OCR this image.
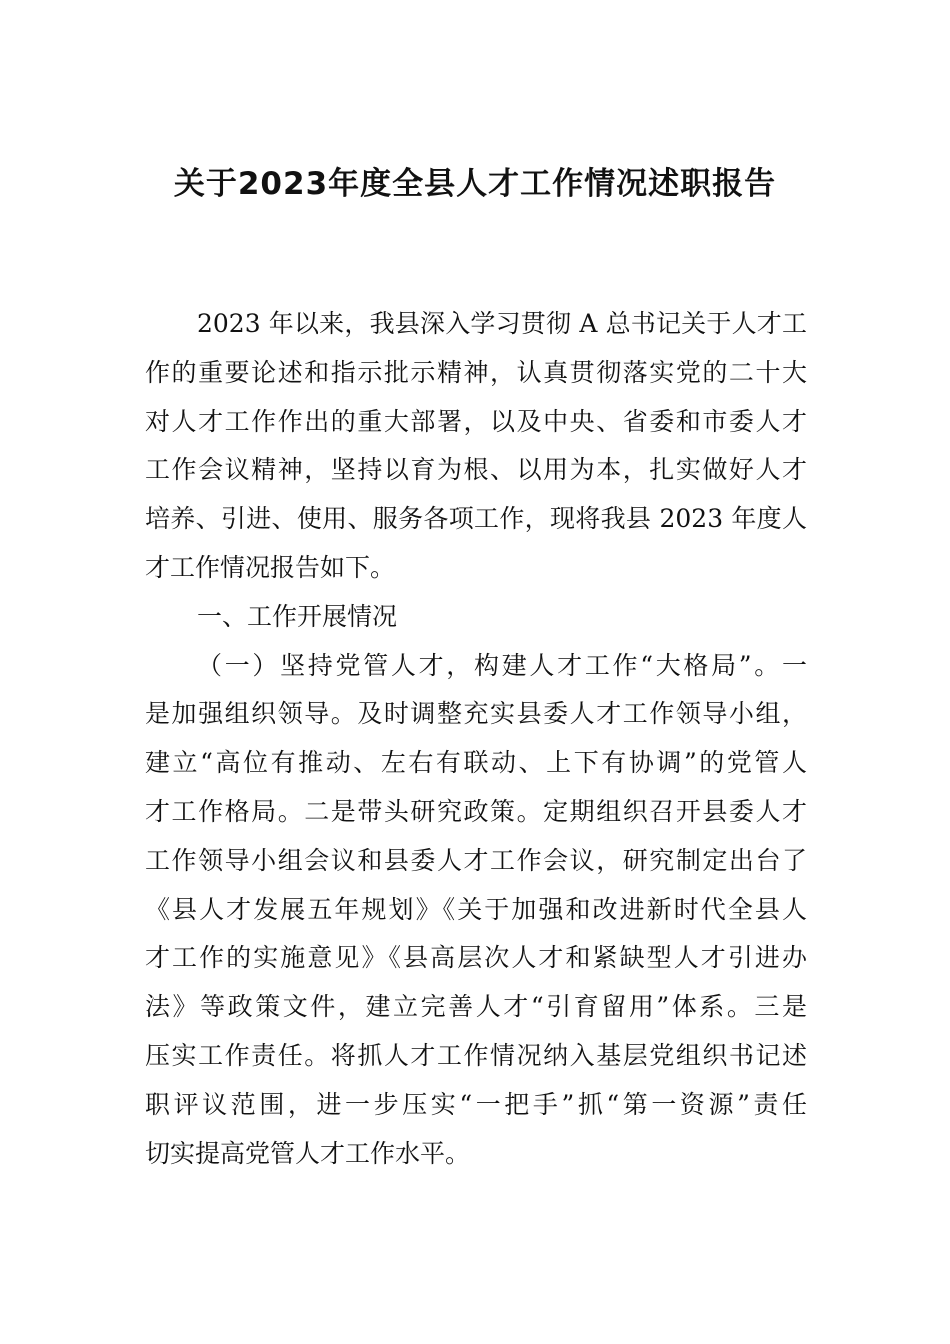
关于2023年度全县人才工作情况述职报告
2023 年以来，我县深入学习贯彻 A 总书记关于人才工
作的重要论述和指示批示精神，认真贯彻落实党的二十大
对人才工作作出的重大部署，以及中央、省委和市委人才
工作会议精神，坚持以育为根、以用为本，扎实做好人才
培养、引进、使用、服务各项工作，现将我县 2023 年度人
才工作情况报告如下。
一、工作开展情况
（一）坚持党管人才，构建人才工作“大格局”。一
是加强组织领导。及时调整充实县委人才工作领导小组，
建立“高位有推动、左右有联动、上下有协调”的党管人
才工作格局。二是带头研究政策。定期组织召开县委人才
工作领导小组会议和县委人才工作会议，研究制定出台了
《县人才发展五年规划》《关于加强和改进新时代全县人
才工作的实施意见》《县高层次人才和紧缺型人才引进办
法》等政策文件，建立完善人才“引育留用”体系。三是
压实工作责任。将抓人才工作情况纳入基层党组织书记述
职评议范围，进一步压实“一把手”抓“第一资源”责任
切实提高党管人才工作水平。
